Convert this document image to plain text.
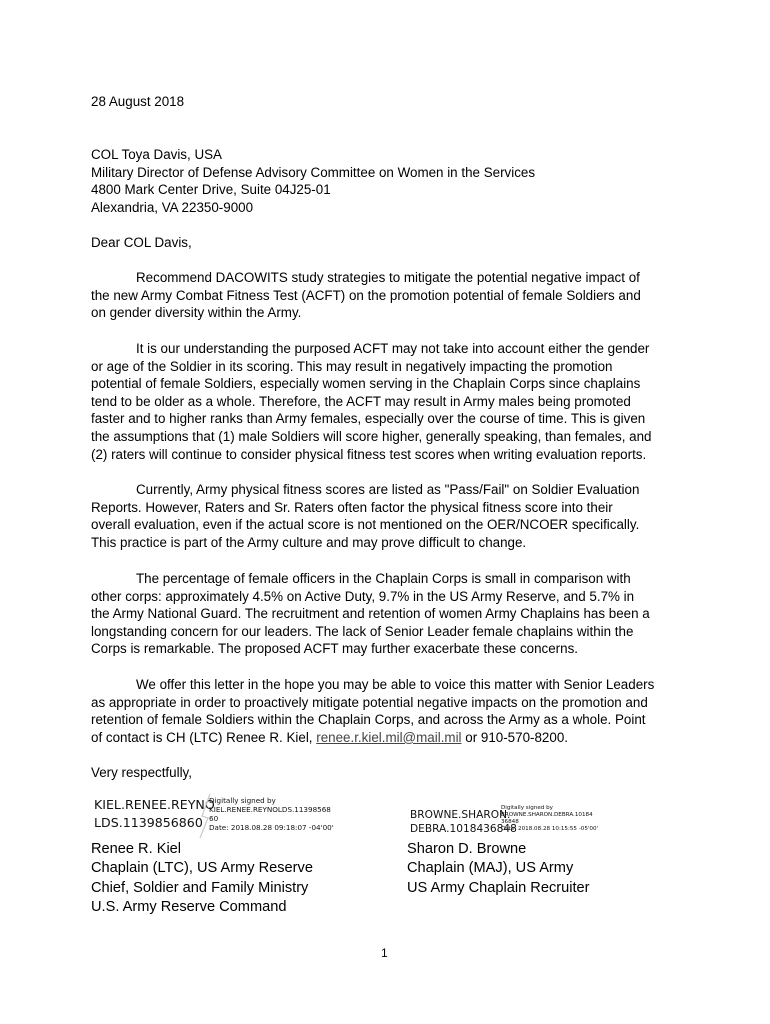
28 August 2018
COL Toya Davis, USA
Military Director of Defense Advisory Committee on Women in the Services
4800 Mark Center Drive, Suite 04J25-01
Alexandria, VA 22350-9000
Dear COL Davis,
Recommend DACOWITS study strategies to mitigate the potential negative impact of
the new Army Combat Fitness Test (ACFT) on the promotion potential of female Soldiers and
on gender diversity within the Army.
It is our understanding the purposed ACFT may not take into account either the gender
or age of the Soldier in its scoring. This may result in negatively impacting the promotion
potential of female Soldiers, especially women serving in the Chaplain Corps since chaplains
tend to be older as a whole. Therefore, the ACFT may result in Army males being promoted
faster and to higher ranks than Army females, especially over the course of time. This is given
the assumptions that (1) male Soldiers will score higher, generally speaking, than females, and
(2) raters will continue to consider physical fitness test scores when writing evaluation reports.
Currently, Army physical fitness scores are listed as "Pass/Fail" on Soldier Evaluation
Reports. However, Raters and Sr. Raters often factor the physical fitness score into their
overall evaluation, even if the actual score is not mentioned on the OER/NCOER specifically.
This practice is part of the Army culture and may prove difficult to change.
The percentage of female officers in the Chaplain Corps is small in comparison with
other corps: approximately 4.5% on Active Duty, 9.7% in the US Army Reserve, and 5.7% in
the Army National Guard. The recruitment and retention of women Army Chaplains has been a
longstanding concern for our leaders. The lack of Senior Leader female chaplains within the
Corps is remarkable. The proposed ACFT may further exacerbate these concerns.
We offer this letter in the hope you may be able to voice this matter with Senior Leaders
as appropriate in order to proactively mitigate potential negative impacts on the promotion and
retention of female Soldiers within the Chaplain Corps, and across the Army as a whole. Point
of contact is CH (LTC) Renee R. Kiel, renee.r.kiel.mil@mail.mil or 910-570-8200.
Very respectfully,
KIEL.RENEE.REYNO
LDS.1139856860
Digitally signed by
KIEL.RENEE.REYNOLDS.11398568
60
Date: 2018.08.28 09:18:07 -04'00'
BROWNE.SHARON.
DEBRA.1018436848
Digitally signed by
BROWNE.SHARON.DEBRA.10184
36848
Date: 2018.08.28 10:15:55 -05'00'
Renee R. Kiel
Chaplain (LTC), US Army Reserve
Chief, Soldier and Family Ministry
U.S. Army Reserve Command
Sharon D. Browne
Chaplain (MAJ), US Army
US Army Chaplain Recruiter
1
